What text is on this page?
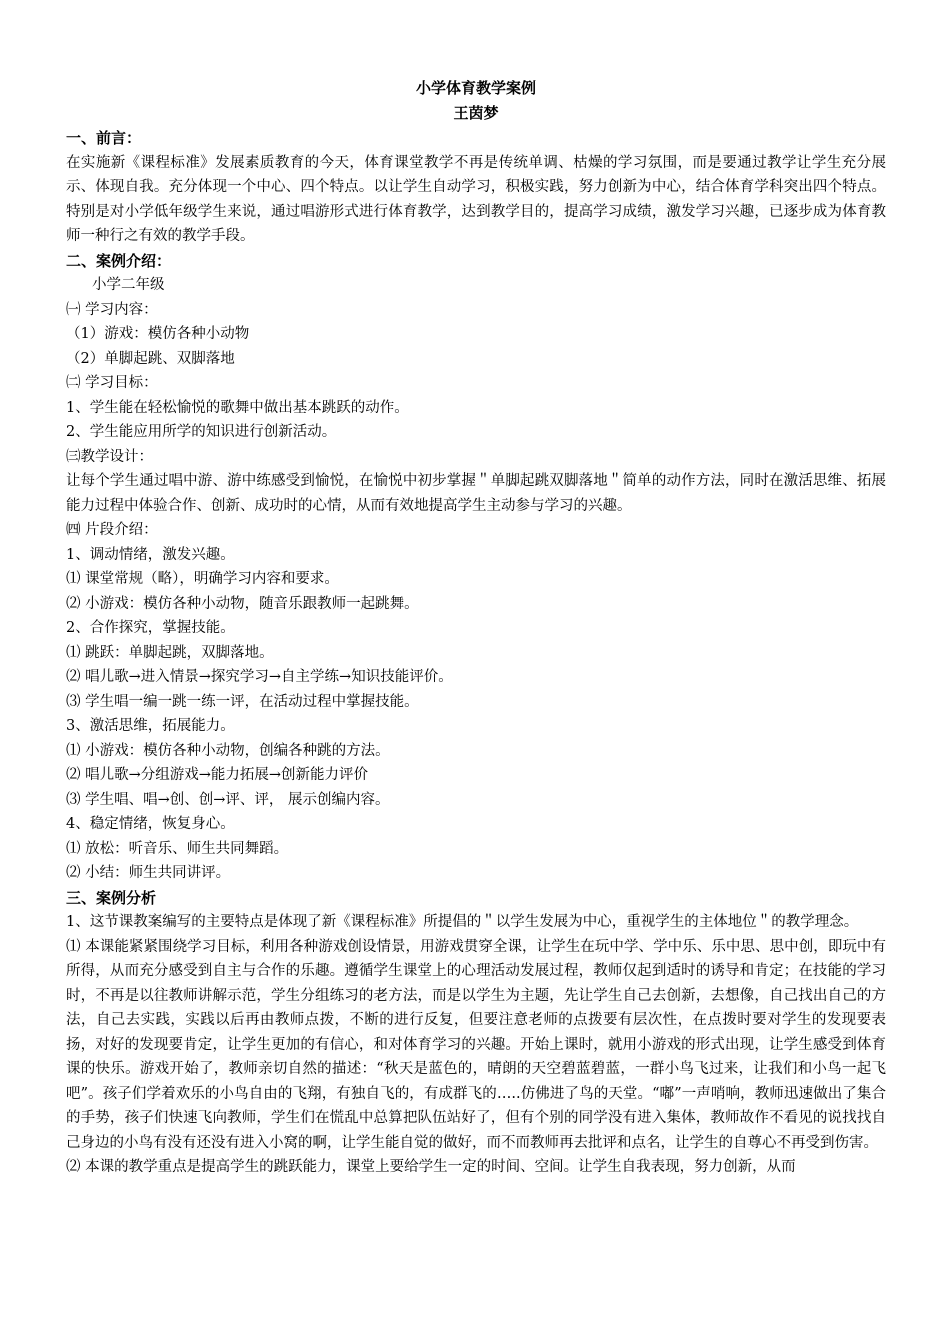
小学体育教学案例
王茵梦
一、前言：
在实施新《课程标准》发展素质教育的今天，体育课堂教学不再是传统单调、枯燥的学习氛围，而是要通过教学让学生充分展示、体现自我。充分体现一个中心、四个特点。以让学生自动学习，积极实践，努力创新为中心，结合体育学科突出四个特点。特别是对小学低年级学生来说，通过唱游形式进行体育教学，达到教学目的，提高学习成绩，激发学习兴趣，已逐步成为体育教师一种行之有效的教学手段。
二、案例介绍：
小学二年级
㈠ 学习内容：
（1）游戏：模仿各种小动物
（2）单脚起跳、双脚落地
㈡ 学习目标：
1、学生能在轻松愉悦的歌舞中做出基本跳跃的动作。
2、学生能应用所学的知识进行创新活动。
㈢教学设计：
让每个学生通过唱中游、游中练感受到愉悦，在愉悦中初步掌握＂单脚起跳双脚落地＂简单的动作方法，同时在激活思维、拓展能力过程中体验合作、创新、成功时的心情，从而有效地提高学生主动参与学习的兴趣。
㈣ 片段介绍：
1、调动情绪，激发兴趣。
⑴ 课堂常规（略），明确学习内容和要求。
⑵ 小游戏：模仿各种小动物，随音乐跟教师一起跳舞。
2、合作探究，掌握技能。
⑴ 跳跃：单脚起跳，双脚落地。
⑵ 唱儿歌→进入情景→探究学习→自主学练→知识技能评价。
⑶ 学生唱一编一跳一练一评，在活动过程中掌握技能。
3、激活思维，拓展能力。
⑴ 小游戏：模仿各种小动物，创编各种跳的方法。
⑵ 唱儿歌→分组游戏→能力拓展→创新能力评价
⑶ 学生唱、唱→创、创→评、评， 展示创编内容。
4、稳定情绪，恢复身心。
⑴ 放松：听音乐、师生共同舞蹈。
⑵ 小结：师生共同讲评。
三、案例分析
1、这节课教案编写的主要特点是体现了新《课程标准》所提倡的＂以学生发展为中心，重视学生的主体地位＂的教学理念。
⑴ 本课能紧紧围绕学习目标，利用各种游戏创设情景，用游戏贯穿全课，让学生在玩中学、学中乐、乐中思、思中创，即玩中有所得，从而充分感受到自主与合作的乐趣。遵循学生课堂上的心理活动发展过程，教师仅起到适时的诱导和肯定；在技能的学习时，不再是以往教师讲解示范，学生分组练习的老方法，而是以学生为主题，先让学生自己去创新，去想像，自己找出自己的方法，自己去实践，实践以后再由教师点拨，不断的进行反复，但要注意老师的点拨要有层次性，在点拨时要对学生的发现要表扬，对好的发现要肯定，让学生更加的有信心，和对体育学习的兴趣。开始上课时，就用小游戏的形式出现，让学生感受到体育课的快乐。游戏开始了，教师亲切自然的描述：“秋天是蓝色的，晴朗的天空碧蓝碧蓝，一群小鸟飞过来，让我们和小鸟一起飞吧”。孩子们学着欢乐的小鸟自由的飞翔，有独自飞的，有成群飞的…..仿佛进了鸟的天堂。“嘟”一声哨响，教师迅速做出了集合的手势，孩子们快速飞向教师，学生们在慌乱中总算把队伍站好了，但有个别的同学没有进入集体，教师故作不看见的说找找自己身边的小鸟有没有还没有进入小窝的啊，让学生能自觉的做好，而不而教师再去批评和点名，让学生的自尊心不再受到伤害。
⑵ 本课的教学重点是提高学生的跳跃能力，课堂上要给学生一定的时间、空间。让学生自我表现，努力创新，从而
